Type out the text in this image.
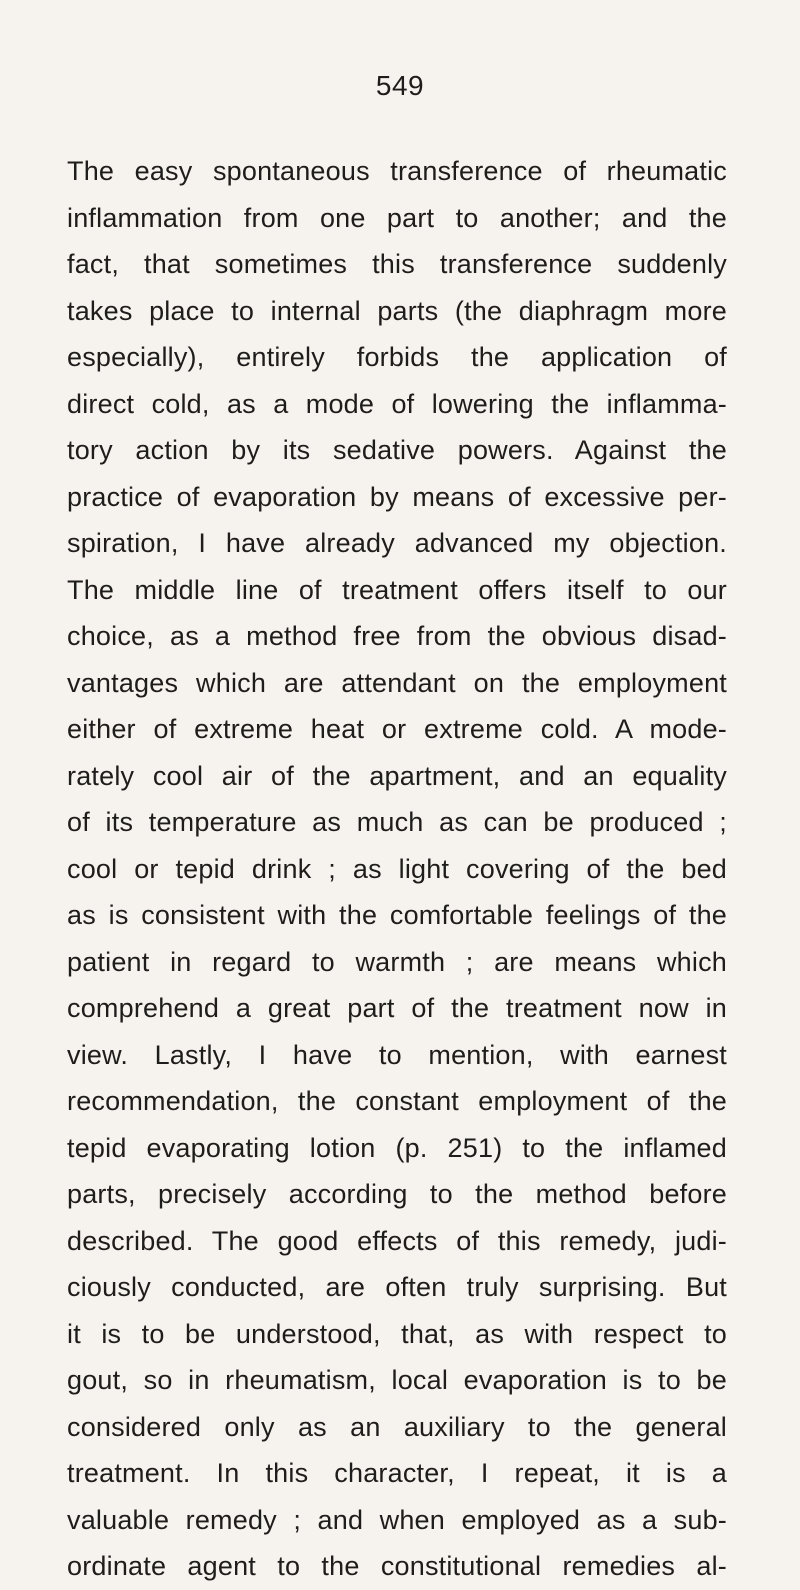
549
The easy spontaneous transference of rheumatic
inflammation from one part to another; and the
fact, that sometimes this transference suddenly
takes place to internal parts (the diaphragm more
especially), entirely forbids the application of
direct cold, as a mode of lowering the inflamma-
tory action by its sedative powers. Against the
practice of evaporation by means of excessive per-
spiration, I have already advanced my objection.
The middle line of treatment offers itself to our
choice, as a method free from the obvious disad-
vantages which are attendant on the employment
either of extreme heat or extreme cold. A mode-
rately cool air of the apartment, and an equality
of its temperature as much as can be produced ;
cool or tepid drink ; as light covering of the bed
as is consistent with the comfortable feelings of the
patient in regard to warmth ; are means which
comprehend a great part of the treatment now in
view. Lastly, I have to mention, with earnest
recommendation, the constant employment of the
tepid evaporating lotion (p. 251) to the inflamed
parts, precisely according to the method before
described. The good effects of this remedy, judi-
ciously conducted, are often truly surprising. But
it is to be understood, that, as with respect to
gout, so in rheumatism, local evaporation is to be
considered only as an auxiliary to the general
treatment. In this character, I repeat, it is a
valuable remedy ; and when employed as a sub-
ordinate agent to the constitutional remedies al-
